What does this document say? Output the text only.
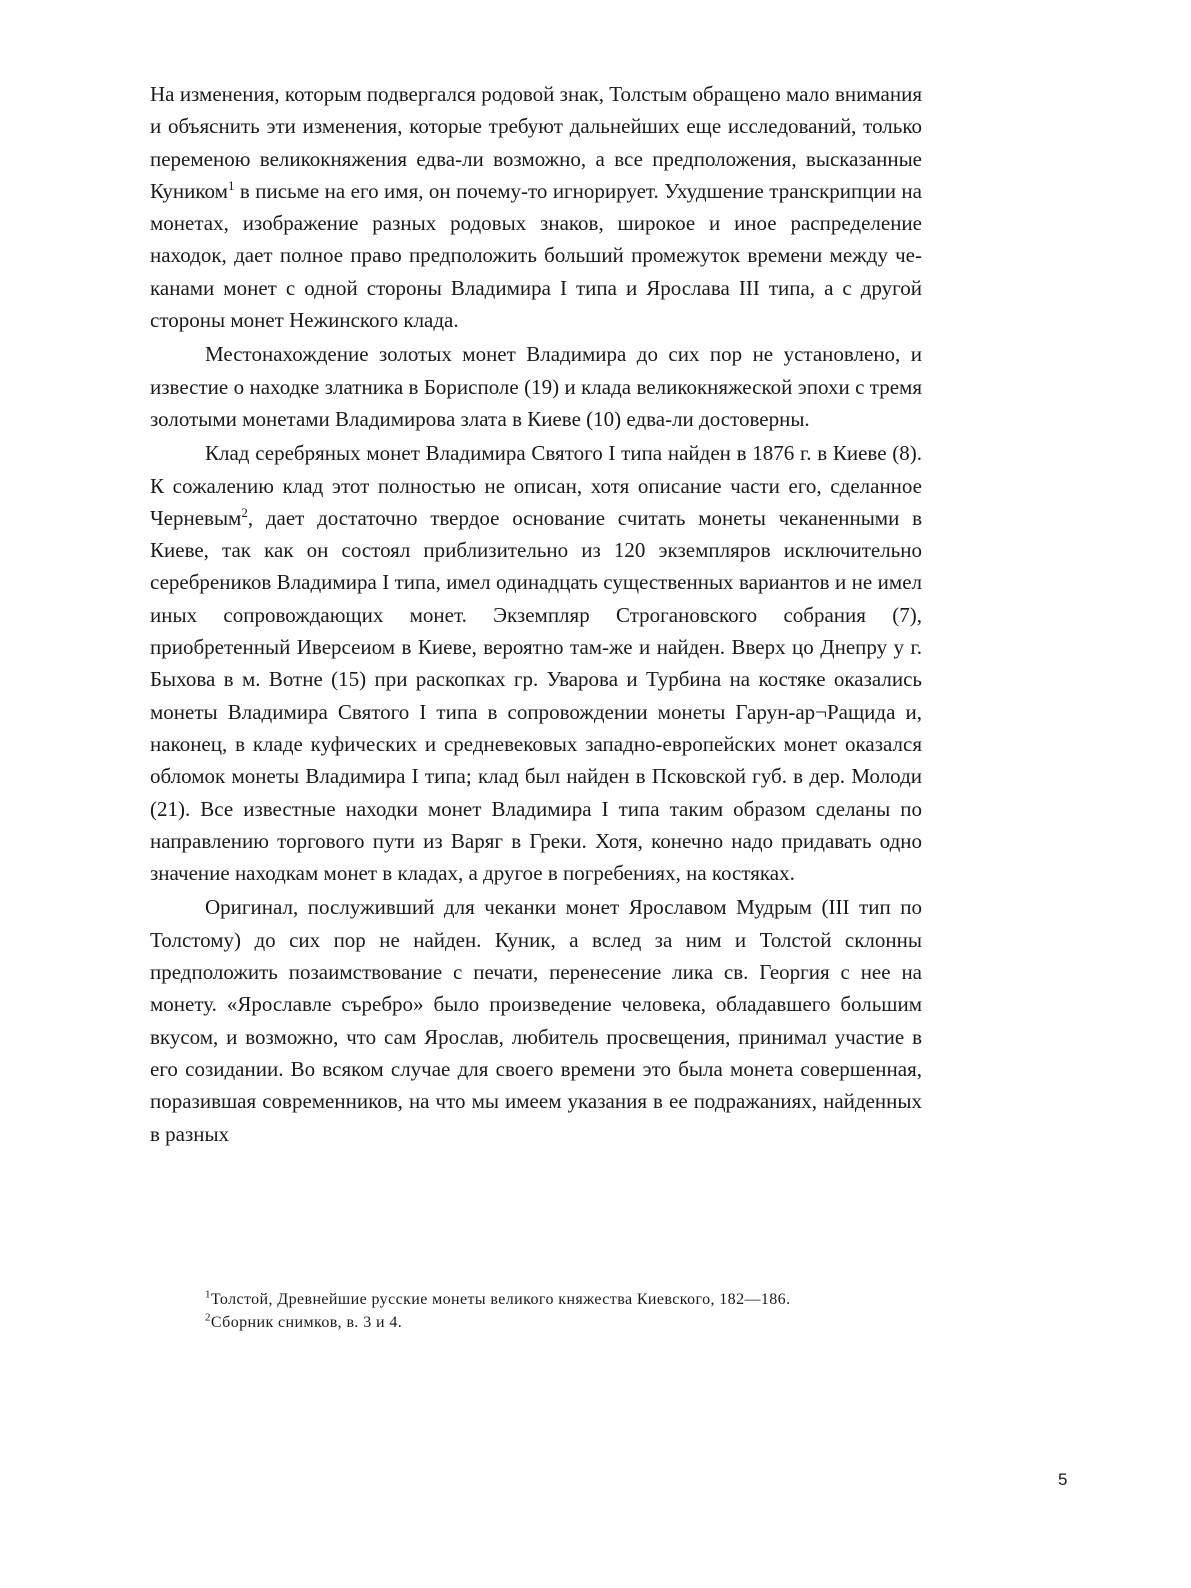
На изменения, которым подвергался родовой знак, Толстым обращено мало внимания и объяснить эти изменения, которые требуют дальнейших еще исследований, только переменою великокняжения едва-ли возможно, а все предположения, высказанные Куником$^1$ в письме на его имя, он почему-то игнорирует. Ухудшение транскрипции на монетах, изображение разных родовых знаков, широкое и иное распределение находок, дает полное право предположить больший промежуток времени между чеканами монет с одной стороны Владимира I типа и Ярослава III типа, а с другой стороны монет Нежинского клада.

Местонахождение золотых монет Владимира до сих пор не установлено, и известие о находке златника в Борисполе (19) и клада великокняжеской эпохи с тремя золотыми монетами Владимирова злата в Киеве (10) едва-ли достоверны.

Клад серебряных монет Владимира Святого I типа найден в 1876 г. в Киеве (8). К сожалению клад этот полностью не описан, хотя описание части его, сделанное Черневым$^2$, дает достаточно твердое основание считать монеты чеканенными в Киеве, так как он состоял приблизительно из 120 экземпляров исключительно серебреников Владимира I типа, имел одинадцать существенных вариантов и не имел иных сопровождающих монет. Экземпляр Строгановского собрания (7), приобретенный Иверсеиом в Киеве, вероятно там-же и найден. Вверх цо Днепру у г. Быхова в м. Вотне (15) при раскопках гр. Уварова и Турбина на костяке оказались монеты Владимира Святого I типа в сопровождении монеты Гарун-ар¬Ращида и, наконец, в кладе куфических и средневековых западно-европейских монет оказался обломок монеты Владимира I типа; клад был найден в Псковской губ. в дер. Молоди (21). Все известные находки монет Владимира I типа таким образом сделаны по направлению торгового пути из Варяг в Греки. Хотя, конечно надо придавать одно значение находкам монет в кладах, а другое в погребениях, на костяках.

Оригинал, послуживший для чеканки монет Ярославом Мудрым (III тип по Толстому) до сих пор не найден. Куник, а вслед за ним и Толстой склонны предположить позаимствование с печати, перенесение лика св. Георгия с нее на монету. «Ярославле съребро» было произведение человека, обладавшего большим вкусом, и возможно, что сам Ярослав, любитель просвещения, принимал участие в его созидании. Во всяком случае для своего времени это была монета совершенная, поразившая современников, на что мы имеем указания в ее подражаниях, найденных в разных

$^1$Толстой, Древнейшие русские монеты великого княжества Киевского, 182—186.
$^2$Сборник снимков, в. 3 и 4.
5
